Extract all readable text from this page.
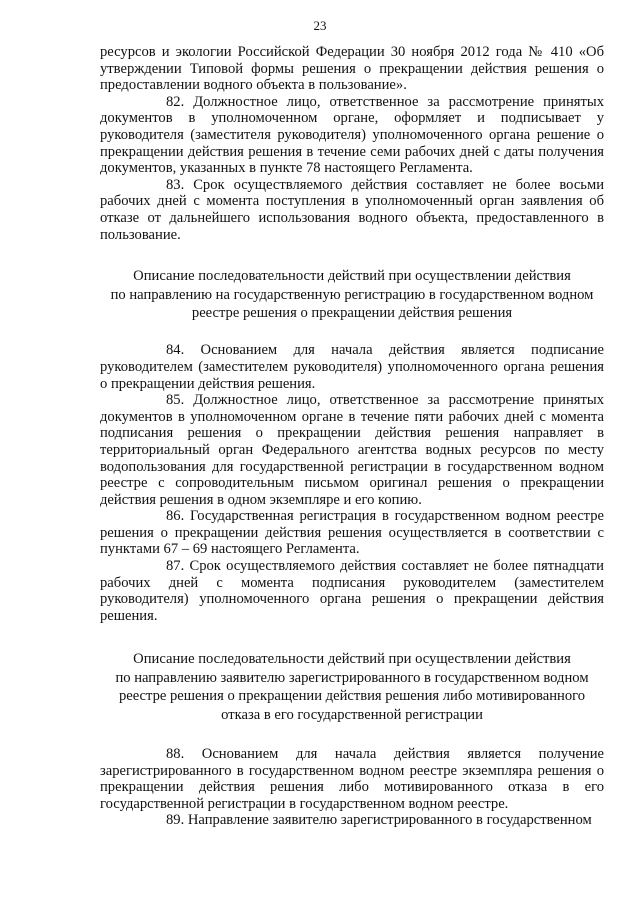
23

ресурсов и экологии Российской Федерации 30 ноября 2012 года № 410 «Об утверждении Типовой формы решения о прекращении действия решения о предоставлении водного объекта в пользование».

82. Должностное лицо, ответственное за рассмотрение принятых документов в уполномоченном органе, оформляет и подписывает у руководителя (заместителя руководителя) уполномоченного органа решение о прекращении действия решения в течение семи рабочих дней с даты получения документов, указанных в пункте 78 настоящего Регламента.

83. Срок осуществляемого действия составляет не более восьми рабочих дней с момента поступления в уполномоченный орган заявления об отказе от дальнейшего использования водного объекта, предоставленного в пользование.

Описание последовательности действий при осуществлении действия
по направлению на государственную регистрацию в государственном водном
реестре решения о прекращении действия решения

84. Основанием для начала действия является подписание руководителем (заместителем руководителя) уполномоченного органа решения о прекращении действия решения.

85. Должностное лицо, ответственное за рассмотрение принятых документов в уполномоченном органе в течение пяти рабочих дней с момента подписания решения о прекращении действия решения направляет в территориальный орган Федерального агентства водных ресурсов по месту водопользования для государственной регистрации в государственном водном реестре с сопроводительным письмом оригинал решения о прекращении действия решения в одном экземпляре и его копию.

86. Государственная регистрация в государственном водном реестре решения о прекращении действия решения осуществляется в соответствии с пунктами 67 – 69 настоящего Регламента.

87. Срок осуществляемого действия составляет не более пятнадцати рабочих дней с момента подписания руководителем (заместителем руководителя) уполномоченного органа решения о прекращении действия решения.

Описание последовательности действий при осуществлении действия
по направлению заявителю зарегистрированного в государственном водном
реестре решения о прекращении действия решения либо мотивированного
отказа в его государственной регистрации

88. Основанием для начала действия является получение зарегистрированного в государственном водном реестре экземпляра решения о прекращении действия решения либо мотивированного отказа в его государственной регистрации в государственном водном реестре.

89. Направление заявителю зарегистрированного в государственном
